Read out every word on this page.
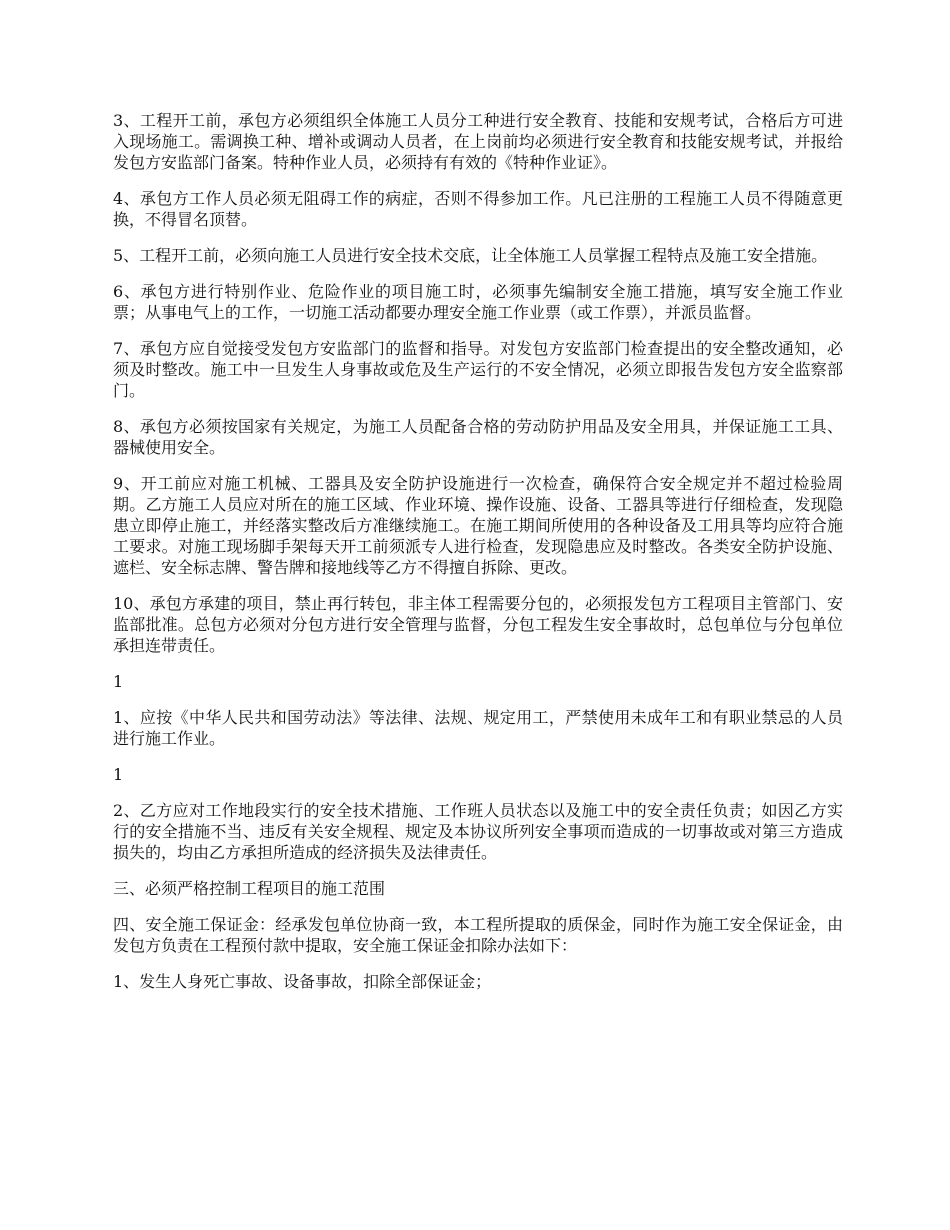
3、工程开工前，承包方必须组织全体施工人员分工种进行安全教育、技能和安规考试，合格后方可进入现场施工。需调换工种、增补或调动人员者，在上岗前均必须进行安全教育和技能安规考试，并报给发包方安监部门备案。特种作业人员，必须持有有效的《特种作业证》。

4、承包方工作人员必须无阻碍工作的病症，否则不得参加工作。凡已注册的工程施工人员不得随意更换，不得冒名顶替。

5、工程开工前，必须向施工人员进行安全技术交底，让全体施工人员掌握工程特点及施工安全措施。

6、承包方进行特别作业、危险作业的项目施工时，必须事先编制安全施工措施，填写安全施工作业票；从事电气上的工作，一切施工活动都要办理安全施工作业票（或工作票），并派员监督。

7、承包方应自觉接受发包方安监部门的监督和指导。对发包方安监部门检查提出的安全整改通知，必须及时整改。施工中一旦发生人身事故或危及生产运行的不安全情况，必须立即报告发包方安全监察部门。

8、承包方必须按国家有关规定，为施工人员配备合格的劳动防护用品及安全用具，并保证施工工具、器械使用安全。

9、开工前应对施工机械、工器具及安全防护设施进行一次检查，确保符合安全规定并不超过检验周期。乙方施工人员应对所在的施工区域、作业环境、操作设施、设备、工器具等进行仔细检查，发现隐患立即停止施工，并经落实整改后方准继续施工。在施工期间所使用的各种设备及工用具等均应符合施工要求。对施工现场脚手架每天开工前须派专人进行检查，发现隐患应及时整改。各类安全防护设施、遮栏、安全标志牌、警告牌和接地线等乙方不得擅自拆除、更改。

10、承包方承建的项目，禁止再行转包，非主体工程需要分包的，必须报发包方工程项目主管部门、安监部批准。总包方必须对分包方进行安全管理与监督，分包工程发生安全事故时，总包单位与分包单位承担连带责任。

1

1、应按《中华人民共和国劳动法》等法律、法规、规定用工，严禁使用未成年工和有职业禁忌的人员进行施工作业。

1

2、乙方应对工作地段实行的安全技术措施、工作班人员状态以及施工中的安全责任负责；如因乙方实行的安全措施不当、违反有关安全规程、规定及本协议所列安全事项而造成的一切事故或对第三方造成损失的，均由乙方承担所造成的经济损失及法律责任。

三、必须严格控制工程项目的施工范围

四、安全施工保证金：经承发包单位协商一致，本工程所提取的质保金，同时作为施工安全保证金，由发包方负责在工程预付款中提取，安全施工保证金扣除办法如下：

1、发生人身死亡事故、设备事故，扣除全部保证金；
